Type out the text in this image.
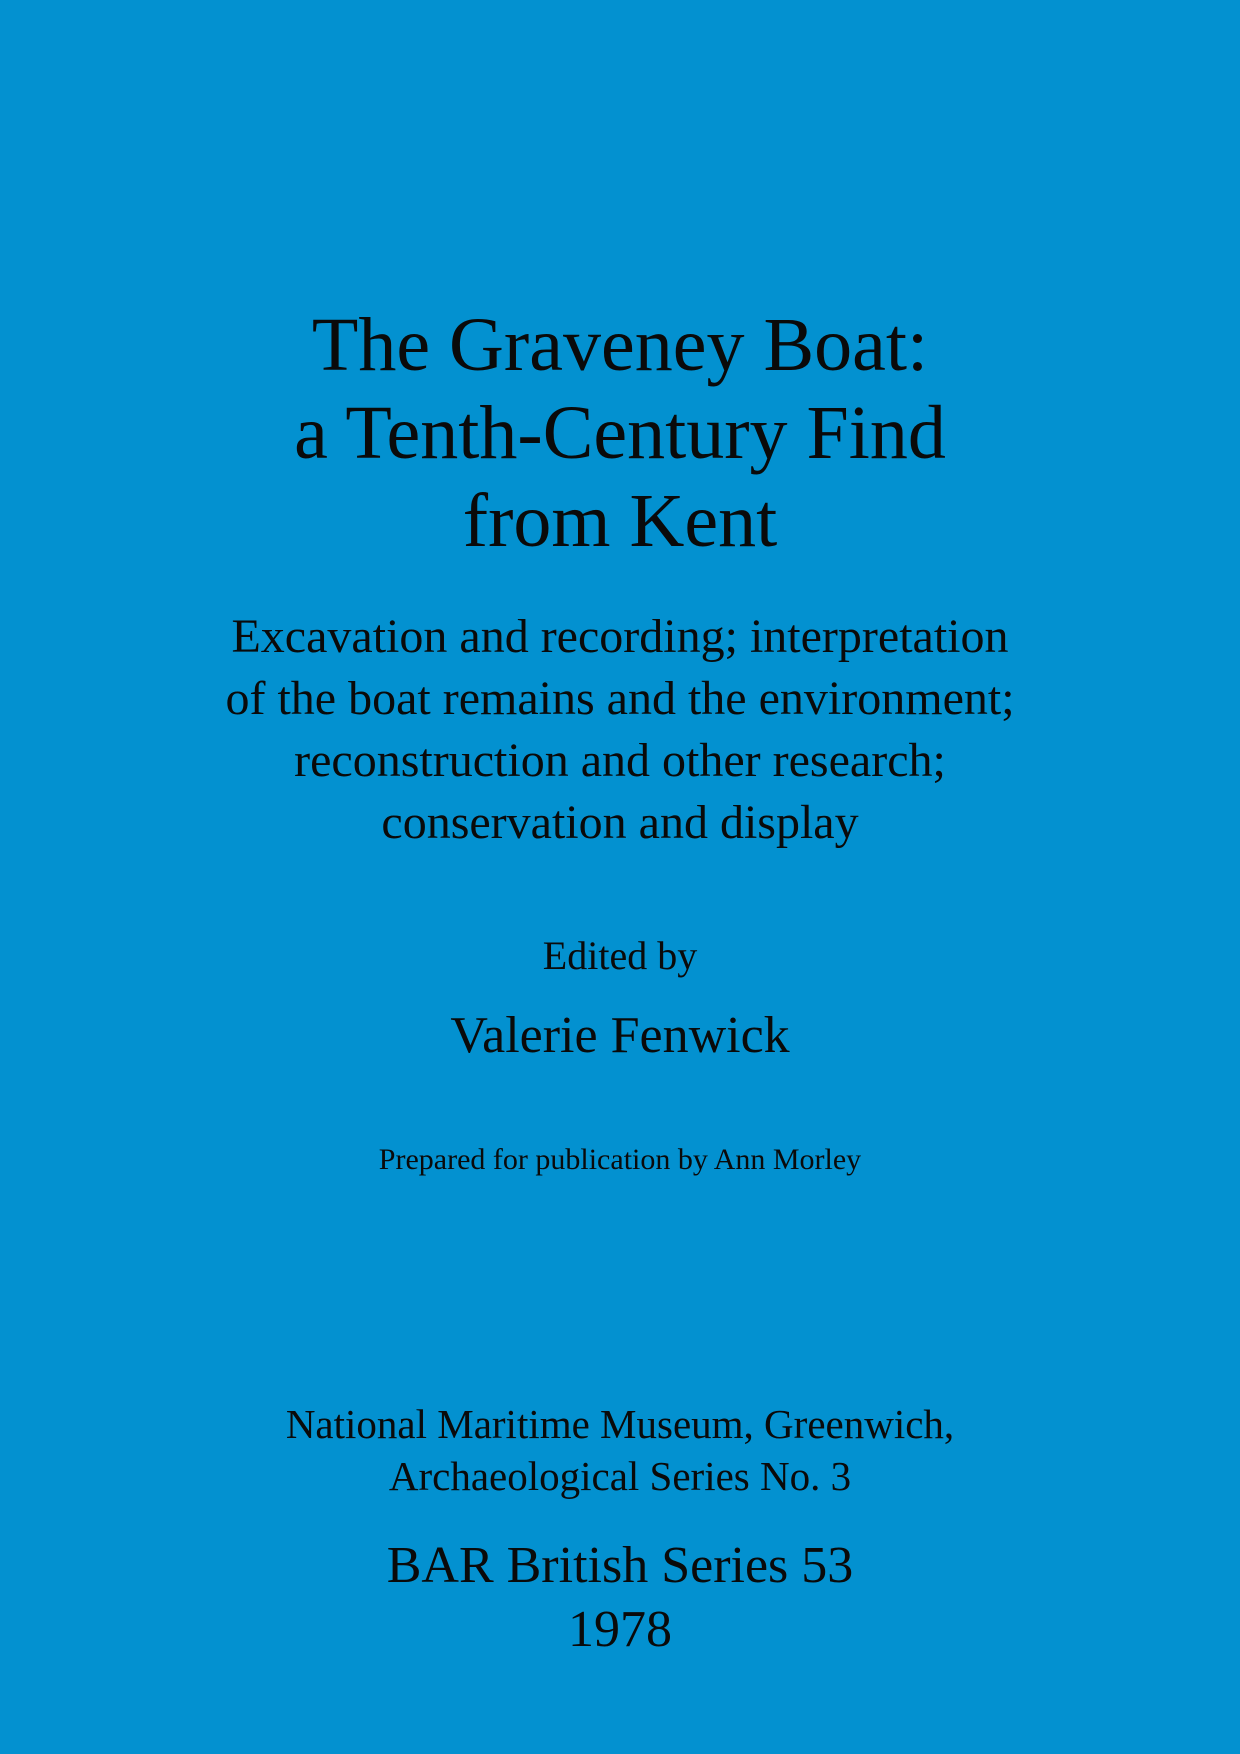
The Graveney Boat:
a Tenth-Century Find
from Kent
Excavation and recording; interpretation
of the boat remains and the environment;
reconstruction and other research;
conservation and display
Edited by
Valerie Fenwick
Prepared for publication by Ann Morley
National Maritime Museum, Greenwich,
Archaeological Series No. 3
BAR British Series 53
1978
